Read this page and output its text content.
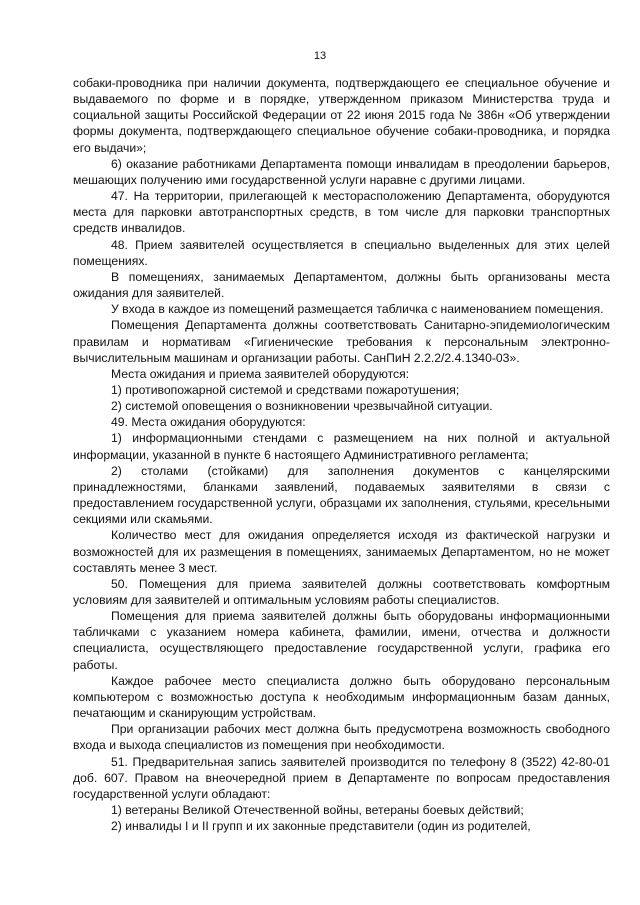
13

собаки-проводника при наличии документа, подтверждающего ее специальное обучение и выдаваемого по форме и в порядке, утвержденном приказом Министерства труда и социальной защиты Российской Федерации от 22 июня 2015 года № 386н «Об утверждении формы документа, подтверждающего специальное обучение собаки-проводника, и порядка его выдачи»;

6) оказание работниками Департамента помощи инвалидам в преодолении барьеров, мешающих получению ими государственной услуги наравне с другими лицами.

47. На территории, прилегающей к месторасположению Департамента, оборудуются места для парковки автотранспортных средств, в том числе для парковки транспортных средств инвалидов.

48. Прием заявителей осуществляется в специально выделенных для этих целей помещениях.

В помещениях, занимаемых Департаментом, должны быть организованы места ожидания для заявителей.

У входа в каждое из помещений размещается табличка с наименованием помещения.

Помещения Департамента должны соответствовать Санитарно-эпидемиологическим правилам и нормативам «Гигиенические требования к персональным электронно-вычислительным машинам и организации работы. СанПиН 2.2.2/2.4.1340-03».

Места ожидания и приема заявителей оборудуются:

1) противопожарной системой и средствами пожаротушения;

2) системой оповещения о возникновении чрезвычайной ситуации.

49. Места ожидания оборудуются:

1) информационными стендами с размещением на них полной и актуальной информации, указанной в пункте 6 настоящего Административного регламента;

2) столами (стойками) для заполнения документов с канцелярскими принадлежностями, бланками заявлений, подаваемых заявителями в связи с предоставлением государственной услуги, образцами их заполнения, стульями, кресельными секциями или скамьями.

Количество мест для ожидания определяется исходя из фактической нагрузки и возможностей для их размещения в помещениях, занимаемых Департаментом, но не может составлять менее 3 мест.

50. Помещения для приема заявителей должны соответствовать комфортным условиям для заявителей и оптимальным условиям работы специалистов.

Помещения для приема заявителей должны быть оборудованы информационными табличками с указанием номера кабинета, фамилии, имени, отчества и должности специалиста, осуществляющего предоставление государственной услуги, графика его работы.

Каждое рабочее место специалиста должно быть оборудовано персональным компьютером с возможностью доступа к необходимым информационным базам данных, печатающим и сканирующим устройствам.

При организации рабочих мест должна быть предусмотрена возможность свободного входа и выхода специалистов из помещения при необходимости.

51. Предварительная запись заявителей производится по телефону 8 (3522) 42-80-01 доб. 607. Правом на внеочередной прием в Департаменте по вопросам предоставления государственной услуги обладают:

1) ветераны Великой Отечественной войны, ветераны боевых действий;

2) инвалиды I и II групп и их законные представители (один из родителей,
